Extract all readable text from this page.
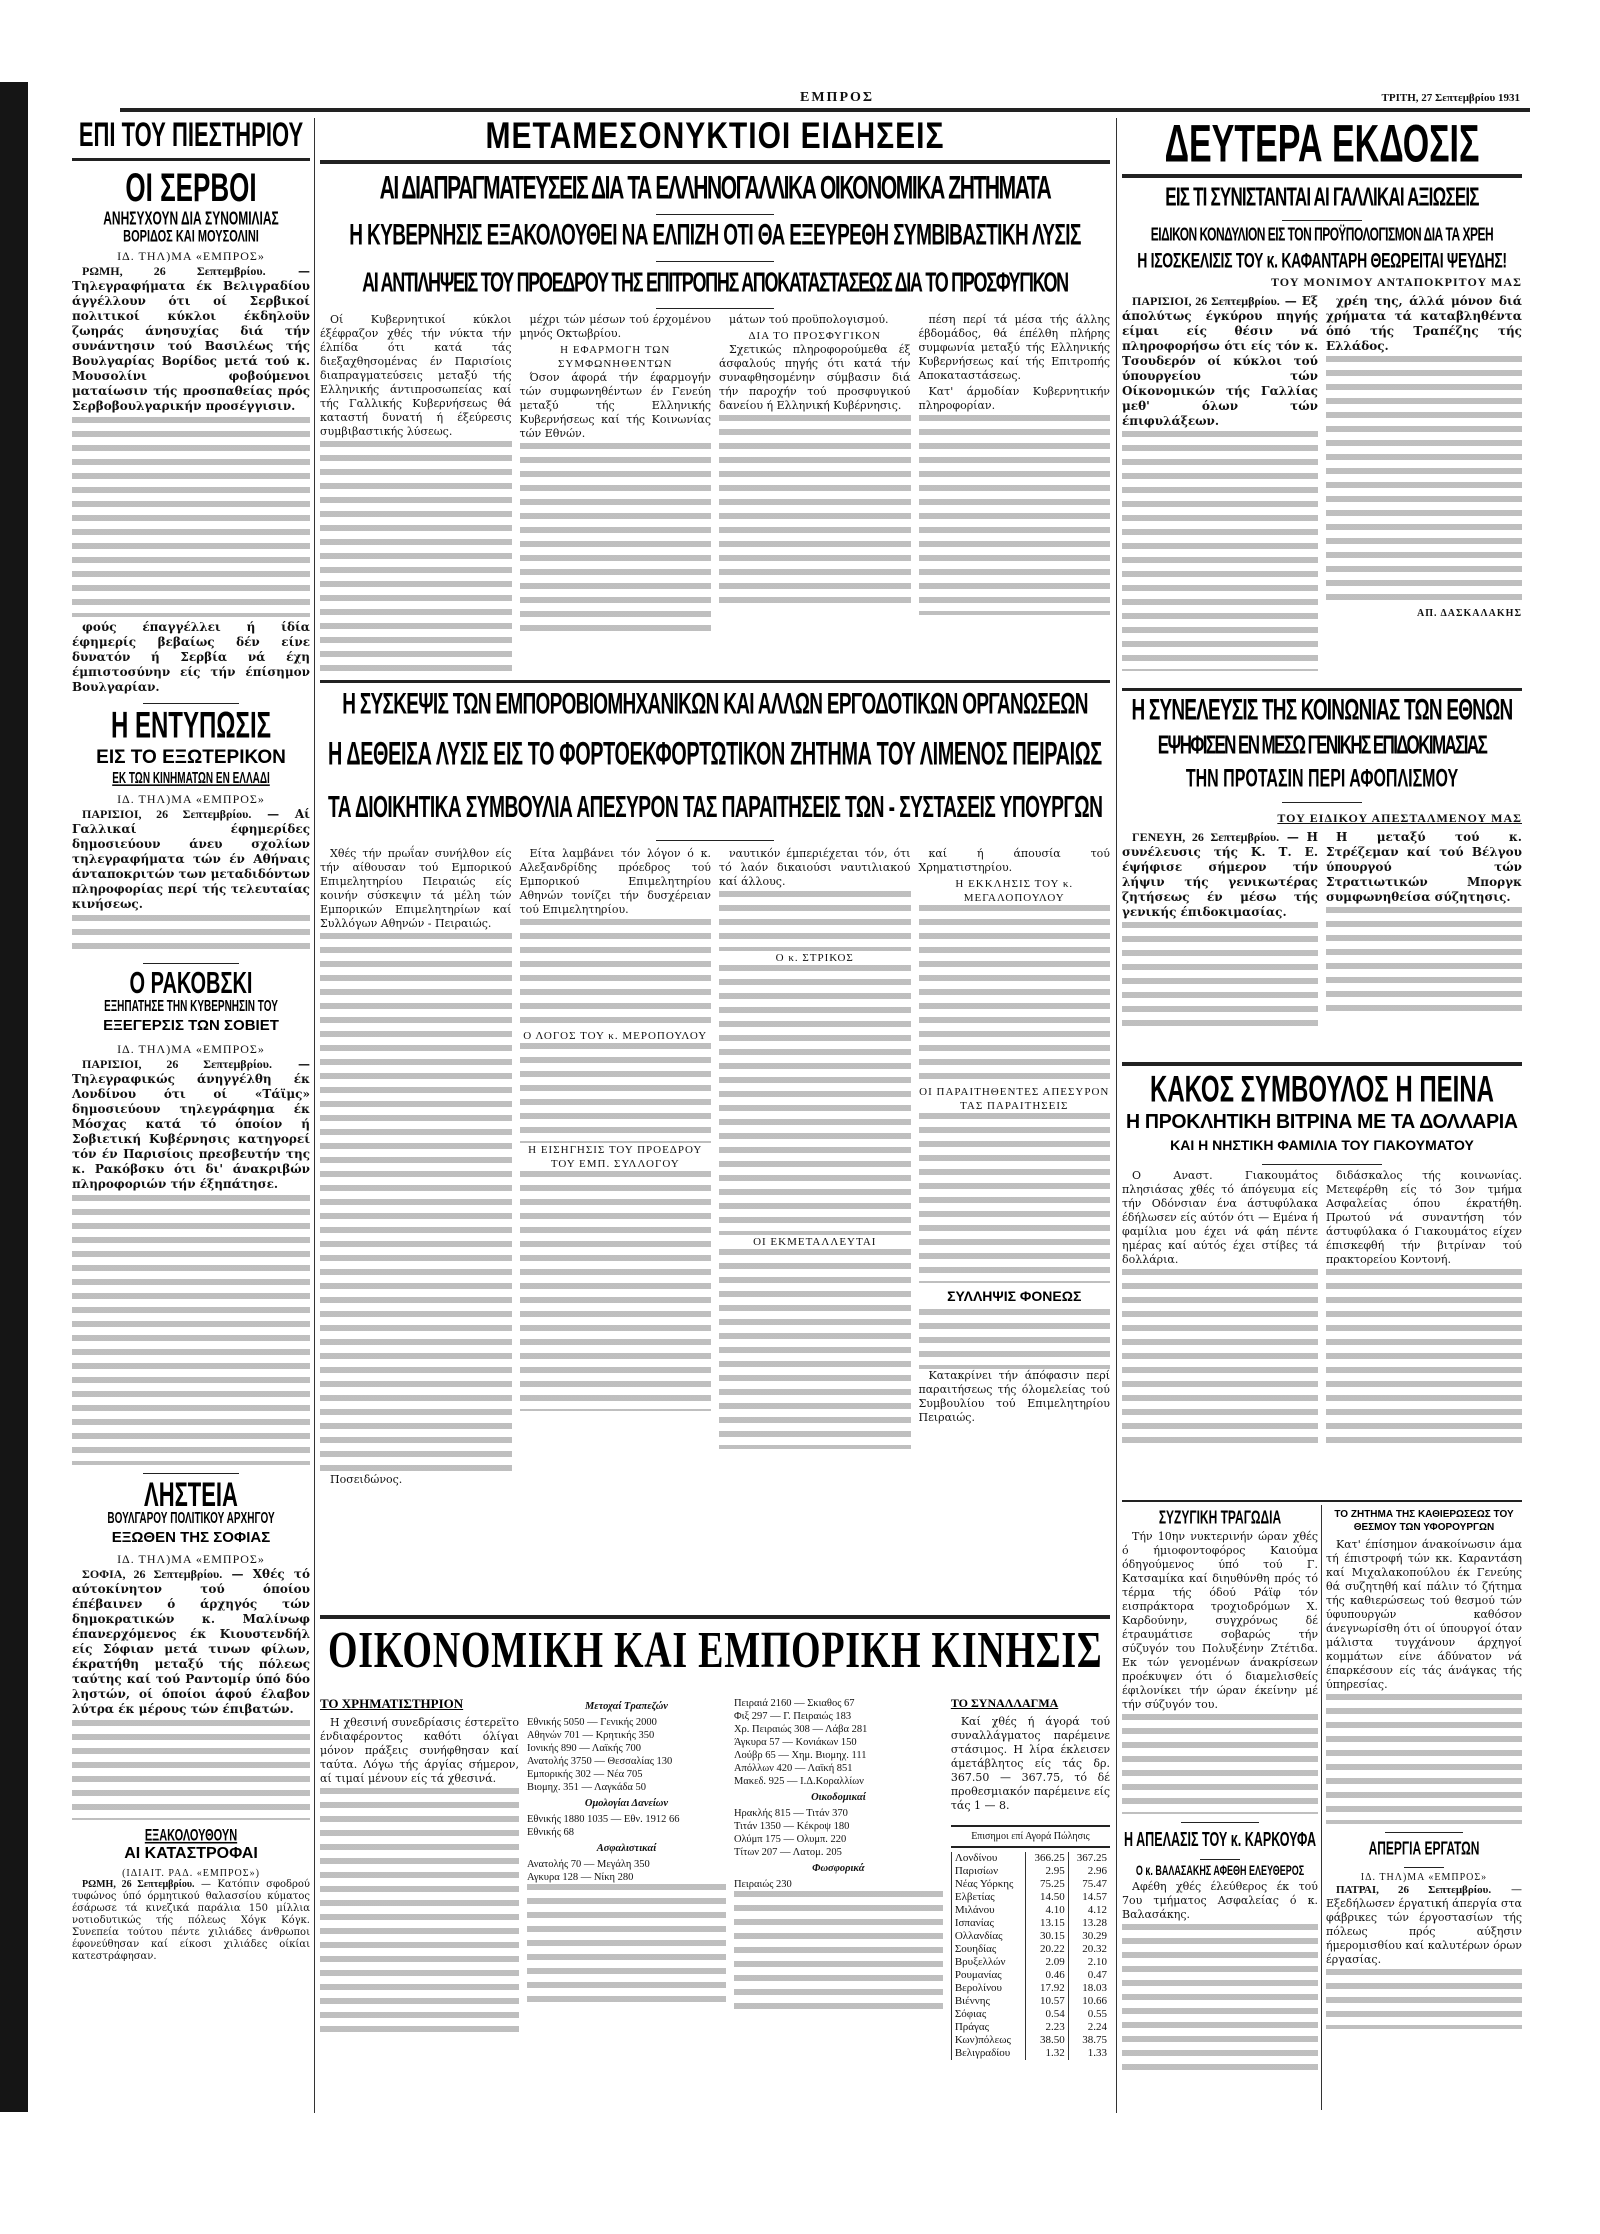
ΕΜΠΡΟΣ	ΤΡΙΤΗ, 27 Σεπτεμβρίου 1931
ΕΠΙ ΤΟΥ ΠΙΕΣΤΗΡΙΟΥ
ΟΙ ΣΕΡΒΟΙ
ΑΝΗΣΥΧΟΥΝ ΔΙΑ ΣΥΝΟΜΙΛΙΑΣ
ΒΟΡΙΔΟΣ ΚΑΙ ΜΟΥΣΟΛΙΝΙ
ΙΔ. ΤΗΛ)ΜΑ «ΕΜΠΡΟΣ»

ΡΩΜΗ, 26 Σεπτεμβρίου.	— Τηλεγραφήματα έκ Βελιγραδίου άγγέλλουν ότι οί Σερβικοί πολιτικοί κύκλοι έκδηλοϋν ζωηράς άνησυχίας διά τήν συνάντησιν τού Βασιλέως τής Βουλγαρίας Βορίδος μετά τού κ. Μουσολίνι φοβούμενοι ματαίωσιν τής προσπαθείας πρός Σερβοβουλγαρικήν προσέγγισιν.

φούς έπαγγέλλει ή ίδία έφημερίς βεβαίως δέν είνε δυνατόν ή Σερβία νά έχη έμπιστοσύνην είς τήν έπίσημον Βουλγαρίαν.

Η ΕΝΤΥΠΩΣΙΣ
ΕΙΣ ΤΟ ΕΞΩΤΕΡΙΚΟΝ
ΕΚ ΤΩΝ ΚΙΝΗΜΑΤΩΝ ΕΝ ΕΛΛΑΔΙ
ΙΔ. ΤΗΛ)ΜΑ «ΕΜΠΡΟΣ»

ΠΑΡΙΣΙΟΙ, 26 Σεπτεμβρίου. — Αί Γαλλικαί έφημερίδες δημοσιεύουν άνευ σχολίων τηλεγραφήματα τών έν Αθήναις άνταποκριτών των μεταδιδόντων πληροφορίας περί τής τελευταίας κινήσεως.

Ο ΡΑΚΟΒΣΚΙ
ΕΞΗΠΑΤΗΣΕ ΤΗΝ ΚΥΒΕΡΝΗΣΙΝ ΤΟΥ
ΕΞΕΓΕΡΣΙΣ ΤΩΝ ΣΟΒΙΕΤ
ΙΔ. ΤΗΛ)ΜΑ «ΕΜΠΡΟΣ»

ΠΑΡΙΣΙΟΙ, 26 Σεπτεμβρίου. — Τηλεγραφικώς άνηγγέλθη έκ Λονδίνου ότι οί «Τάϊμς» δημοσιεύουν τηλεγράφημα έκ Μόσχας κατά τό όποίον ή Σοβιετική Κυβέρνησις κατηγορεί τόν έν Παρισίοις πρεσβευτήν της κ. Ρακόβσκυ ότι δι' άνακριβών πληροφοριών τήν έξηπάτησε.

ΛΗΣΤΕΙΑ
ΒΟΥΛΓΑΡΟΥ ΠΟΛΙΤΙΚΟΥ ΑΡΧΗΓΟΥ
ΕΞΩΘΕΝ ΤΗΣ ΣΟΦΙΑΣ
ΙΔ. ΤΗΛ)ΜΑ «ΕΜΠΡΟΣ»

ΣΟΦΙΑ, 26 Σεπτεμβρίου. — Χθές τό αύτοκίνητον τού όποίου έπέβαινεν ό άρχηγός τών δημοκρατικών κ. Μαλίνωφ έπανερχόμενος έκ Κιουστενδήλ είς Σόφιαν μετά τινων φίλων, έκρατήθη μεταξύ τής πόλεως ταύτης καί τού Ραντομίρ ύπό δύο ληστών, οί όποίοι άφού έλαβον λύτρα έκ μέρους τών έπιβατών.

ΕΞΑΚΟΛΟΥΘΟΥΝ
ΑΙ ΚΑΤΑΣΤΡΟΦΑΙ
(ΙΔΙΑΙΤ. ΡΑΔ. «ΕΜΠΡΟΣ»)

ΡΩΜΗ, 26 Σεπτεμβρίου. — Κατόπιν σφοδρού τυφώνος ύπό όρμητικού θαλασσίου κύματος έσάρωσε τά κινεζικά παράλια 150 μίλλια νοτιοδυτικώς τής πόλεως Χόγκ Κόγκ. Συνεπεία τούτου πέντε χιλιάδες άνθρωποι έφονεύθησαν καί είκοσι χιλιάδες οίκίαι κατεστράφησαν.

ΜΕΤΑΜΕΣΟΝΥΚΤΙΟΙ ΕΙΔΗΣΕΙΣ
ΑΙ ΔΙΑΠΡΑΓΜΑΤΕΥΣΕΙΣ ΔΙΑ ΤΑ ΕΛΛΗΝΟΓΑΛΛΙΚΑ ΟΙΚΟΝΟΜΙΚΑ ΖΗΤΗΜΑΤΑ
Η ΚΥΒΕΡΝΗΣΙΣ ΕΞΑΚΟΛΟΥΘΕΙ ΝΑ ΕΛΠΙΖΗ ΟΤΙ ΘΑ ΕΞΕΥΡΕΘΗ ΣΥΜΒΙΒΑΣΤΙΚΗ ΛΥΣΙΣ
ΑΙ ΑΝΤΙΛΗΨΕΙΣ ΤΟΥ ΠΡΟΕΔΡΟΥ ΤΗΣ ΕΠΙΤΡΟΠΗΣ ΑΠΟΚΑΤΑΣΤΑΣΕΩΣ ΔΙΑ ΤΟ ΠΡΟΣΦΥΓΙΚΟΝ

Οί Κυβερνητικοί κύκλοι έξέφραζον χθές τήν νύκτα τήν έλπίδα ότι κατά τάς διεξαχθησομένας έν Παρισίοις διαπραγματεύσεις μεταξύ τής Ελληνικής άντιπροσωπείας καί τής Γαλλικής Κυβερνήσεως θά καταστή δυνατή ή έξεύρεσις συμβιβαστικής λύσεως.

μέχρι τών μέσων τού έρχομένου μηνός Οκτωβρίου.

Η ΕΦΑΡΜΟΓΗ ΤΩΝ ΣΥΜΦΩΝΗΘΕΝΤΩΝ

Όσον άφορά τήν έφαρμογήν τών συμφωνηθέντων έν Γενεύη μεταξύ τής Ελληνικής Κυβερνήσεως καί τής Κοινωνίας τών Εθνών.

μάτων τού προϋπολογισμού.

ΔΙΑ ΤΟ ΠΡΟΣΦΥΓΙΚΟΝ

Σχετικώς πληροφορούμεθα έξ άσφαλούς πηγής ότι κατά τήν συναφθησομένην σύμβασιν διά τήν παροχήν τού προσφυγικού δανείου ή Ελληνική Κυβέρνησις.

πέση περί τά μέσα τής άλλης έβδομάδος, θά έπέλθη πλήρης συμφωνία μεταξύ τής Ελληνικής Κυβερνήσεως καί τής Επιτροπής Αποκαταστάσεως.

Κατ' άρμοδίαν Κυβερνητικήν πληροφορίαν.

Η ΣΥΣΚΕΨΙΣ ΤΩΝ ΕΜΠΟΡΟΒΙΟΜΗΧΑΝΙΚΩΝ ΚΑΙ ΑΛΛΩΝ ΕΡΓΟΔΟΤΙΚΩΝ ΟΡΓΑΝΩΣΕΩΝ
Η ΔΕΘΕΙΣΑ ΛΥΣΙΣ ΕΙΣ ΤΟ ΦΟΡΤΟΕΚΦΟΡΤΩΤΙΚΟΝ ΖΗΤΗΜΑ ΤΟΥ ΛΙΜΕΝΟΣ ΠΕΙΡΑΙΩΣ
ΤΑ ΔΙΟΙΚΗΤΙΚΑ ΣΥΜΒΟΥΛΙΑ ΑΠΕΣΥΡΟΝ ΤΑΣ ΠΑΡΑΙΤΗΣΕΙΣ ΤΩΝ - ΣΥΣΤΑΣΕΙΣ ΥΠΟΥΡΓΩΝ

Χθές τήν πρωΐαν συνήλθον είς τήν αίθουσαν τού Εμπορικού Επιμελητηρίου Πειραιώς είς κοινήν σύσκεψιν τά μέλη τών Εμπορικών Επιμελητηρίων καί Συλλόγων Αθηνών - Πειραιώς.

Ποσειδώνος.

Είτα λαμβάνει τόν λόγον ό κ. Αλεξανδρίδης πρόεδρος τού Εμπορικού Επιμελητηρίου Αθηνών τονίζει τήν δυσχέρειαν τού Επιμελητηρίου.

Ο ΛΟΓΟΣ ΤΟΥ κ. ΜΕΡΟΠΟΥΛΟΥ
Η ΕΙΣΗΓΗΣΙΣ ΤΟΥ ΠΡΟΕΔΡΟΥ ΤΟΥ ΕΜΠ. ΣΥΛΛΟΓΟΥ

ναυτικόν έμπεριέχεται τόν, ότι τό λαόν δικαιούσι ναυτιλιακού καί άλλους.

Ο κ. ΣΤΡΙΚΟΣ
ΟΙ ΕΚΜΕΤΑΛΛΕΥΤΑΙ

καί ή άπουσία τού Χρηματιστηρίου.

Η ΕΚΚΛΗΣΙΣ ΤΟΥ κ. ΜΕΓΑΛΟΠΟΥΛΟΥ
ΟΙ ΠΑΡΑΙΤΗΘΕΝΤΕΣ ΑΠΕΣΥΡΟΝ ΤΑΣ ΠΑΡΑΙΤΗΣΕΙΣ
ΣΥΛΛΗΨΙΣ ΦΟΝΕΩΣ

Κατακρίνει τήν άπόφασιν περί παραιτήσεως τής όλομελείας τού Συμβουλίου τού Επιμελητηρίου Πειραιώς.

ΟΙΚΟΝΟΜΙΚΗ ΚΑΙ ΕΜΠΟΡΙΚΗ ΚΙΝΗΣΙΣ
ΤΟ ΧΡΗΜΑΤΙΣΤΗΡΙΟΝ

Η χθεσινή συνεδρίασις έστερεϊτο ένδιαφέροντος καθότι όλίγαι μόνον πράξεις συνήφθησαν καί ταύτα. Λόγω τής άργίας σήμερον, αί τιμαί μένουν είς τά χθεσινά.

Μετοχαί Τραπεζών
Εθνικής 5050 — Γενικής 2000
Αθηνών 701 — Κρητικής 350
Ιονικής 890 — Λαϊκής 700
Ανατολής 3750 — Θεσσαλίας 130
Εμπορικής 302 — Νέα 705
Βιομηχ. 351 — Λαγκάδα 50
Ομολογίαι Δανείων
Εθνικής 1880 1035 — Εθν. 1912 66
Εθνικής 68
Ασφαλιστικαί
Ανατολής 70 — Μεγάλη 350
Αγκυρα 128 — Νίκη 280
Πειραιά 2160 — Σκιαθος 67
Φιξ 297 — Γ. Πειραιώς 183
Χρ. Πειραιώς 308 — Λάβα 281
Άγκυρα 57 — Κονιάκων 150
Λούβρ 65 — Χημ. Βιομηχ. 111
Απόλλων 420 — Λαϊκή 851
Μακεδ. 925 — Ι.Δ.Κοραλλίων
Οικοδομικαί
Ηρακλής 815 — Τιτάν 370
Τιτάν 1350 — Κέκροψ 180
Ολύμπ 175 — Ολυμπ. 220
Τίτων 207 — Λατομ. 205
Φωσφορικά
Πειραιώς 230
ΤΟ ΣΥΝΑΛΛΑΓΜΑ

Καί χθές ή άγορά τού συναλλάγματος παρέμεινε στάσιμος. Η λίρα έκλεισεν άμετάβλητος είς τάς δρ. 367.50 — 367.75, τό δέ προθεσμιακόν παρέμεινε είς τάς 1 — 8.

Επισημοι επί Αγορά Πώλησις
Λονδίνου	366.25	367.25
Παρισίων	2.95	2.96
Νέας Υόρκης	75.25	75.47
Ελβετίας	14.50	14.57
Μιλάνου	4.10	4.12
Ισπανίας	13.15	13.28
Ολλανδίας	30.15	30.29
Σουηδίας	20.22	20.32
Βρυξελλών	2.09	2.10
Ρουμανίας	0.46	0.47
Βερολίνου	17.92	18.03
Βιέννης	10.57	10.66
Σόφιας	0.54	0.55
Πράγας	2.23	2.24
Κων)πόλεως	38.50	38.75
Βελιγραδίου	1.32	1.33
ΔΕΥΤΕΡΑ ΕΚΔΟΣΙΣ
ΕΙΣ ΤΙ ΣΥΝΙΣΤΑΝΤΑΙ ΑΙ ΓΑΛΛΙΚΑΙ ΑΞΙΩΣΕΙΣ
ΕΙΔΙΚΟΝ ΚΟΝΔΥΛΙΟΝ ΕΙΣ ΤΟΝ ΠΡΟΫΠΟΛΟΓΙΣΜΟΝ ΔΙΑ ΤΑ ΧΡΕΗ
Η ΙΣΟΣΚΕΛΙΣΙΣ ΤΟΥ κ. ΚΑΦΑΝΤΑΡΗ ΘΕΩΡΕΙΤΑΙ ΨΕΥΔΗΣ!
ΤΟΥ ΜΟΝΙΜΟΥ ΑΝΤΑΠΟΚΡΙΤΟΥ ΜΑΣ

ΠΑΡΙΣΙΟΙ, 26 Σεπτεμβρίου. — Εξ άπολύτως έγκύρου πηγής είμαι είς θέσιν νά πληροφορήσω ότι είς τόν κ. Τσουδερόν οί κύκλοι τού ύπουργείου τών Οίκονομικών τής Γαλλίας μεθ' όλων τών έπιφυλάξεων.

χρέη της, άλλά μόνον διά χρήματα τά καταβληθέντα όπό τής Τραπέζης τής Ελλάδος.

ΑΠ. ΔΑΣΚΑΛΑΚΗΣ
Η ΣΥΝΕΛΕΥΣΙΣ ΤΗΣ ΚΟΙΝΩΝΙΑΣ ΤΩΝ ΕΘΝΩΝ
ΕΨΗΦΙΣΕΝ ΕΝ ΜΕΣΩ ΓΕΝΙΚΗΣ ΕΠΙΔΟΚΙΜΑΣΙΑΣ
ΤΗΝ ΠΡΟΤΑΣΙΝ ΠΕΡΙ ΑΦΟΠΛΙΣΜΟΥ
ΤΟΥ ΕΙΔΙΚΟΥ ΑΠΕΣΤΑΛΜΕΝΟΥ ΜΑΣ

ΓΕΝΕΥΗ, 26 Σεπτεμβρίου. — Η συνέλευσις τής Κ. Τ. Ε. έψήφισε σήμερον τήν λήψιν τής γενικωτέρας ζητήσεως έν μέσω τής γενικής έπιδοκιμασίας.

Η μεταξύ τού κ. Στρέζεμαν καί τού Βέλγου ύπουργού τών Στρατιωτικών Μποργκ συμφωνηθείσα σύζητησις.

ΚΑΚΟΣ ΣΥΜΒΟΥΛΟΣ Η ΠΕΙΝΑ
Η ΠΡΟΚΛΗΤΙΚΗ ΒΙΤΡΙΝΑ ΜΕ ΤΑ ΔΟΛΛΑΡΙΑ
ΚΑΙ Η ΝΗΣΤΙΚΗ ΦΑΜΙΛΙΑ ΤΟΥ ΓΙΑΚΟΥΜΑΤΟΥ

Ο Αναστ. Γιακουμάτος πλησιάσας χθές τό άπόγευμα είς τήν Οδόνσιαν ένα άστυφύλακα έδήλωσεν είς αύτόν ότι — Εμένα ή φαμίλια μου έχει νά φάη πέντε ημέρας καί αύτός έχει στίβες τά δολλάρια.

διδάσκαλος τής κοινωνίας. Μετεφέρθη είς τό 3ον τμήμα Ασφαλείας όπου έκρατήθη. Πρωτού νά συναντήση τόν άστυφύλακα ό Γιακουμάτος είχεν έπισκεφθή τήν βιτρίναν τού πρακτορείου Κοντονή.

ΣΥΖΥΓΙΚΗ ΤΡΑΓΩΔΙΑ

Τήν 10ην νυκτερινήν ώραν χθές ό ήμιοφοντοφόρος Καιούμα όδηγούμενος ύπό τού Γ. Κατσαμίκα καί διηυθύνθη πρός τό τέρμα τής όδού Ράϊφ τόν εισπράκτορα τροχιοδρόμων Χ. Καρδούνην, συγχρόνως δέ έτραυμάτισε σοβαρώς τήν σύζυγόν του Πολυξένην Ζτέτιδα. Εκ τών γενομένων άνακρίσεων προέκυψεν ότι ό διαμελισθείς έφιλονίκει τήν ώραν έκείνην μέ τήν σύζυγόν του.

Η ΑΠΕΛΑΣΙΣ ΤΟΥ κ. ΚΑΡΚΟΥΦΑ
Ο κ. ΒΑΛΑΣΑΚΗΣ ΑΦΕΘΗ ΕΛΕΥΘΕΡΟΣ

Αφέθη χθές έλεύθερος έκ τού 7ου τμήματος Ασφαλείας ό κ. Βαλασάκης.

ΤΟ ΖΗΤΗΜΑ ΤΗΣ ΚΑΘΙΕΡΩΣΕΩΣ ΤΟΥ ΘΕΣΜΟΥ ΤΩΝ ΥΦΟΡΟΥΡΓΩΝ

Κατ' έπίσημον άνακοίνωσιν άμα τή έπιστροφή τών κκ. Καραντάση καί Μιχαλακοπούλου έκ Γενεύης θά συζητηθή καί πάλιν τό ζήτημα τής καθιερώσεως τού θεσμού τών ύφυπουργών καθόσον άνεγνωρίσθη ότι οί ύπουργοί όταν μάλιστα τυγχάνουν άρχηγοί κομμάτων είνε άδύνατον νά έπαρκέσουν είς τάς άνάγκας τής ύπηρεσίας.

ΑΠΕΡΓΙΑ ΕΡΓΑΤΩΝ
ΙΔ. ΤΗΛ)ΜΑ «ΕΜΠΡΟΣ»

ΠΑΤΡΑΙ, 26 Σεπτεμβρίου. — Εξεδήλωσεν έργατική άπεργία στα φάβρικες τών έργοστασίων τής πόλεως πρός αύξησιν ήμερομισθίου καί καλυτέρων όρων έργασίας.
